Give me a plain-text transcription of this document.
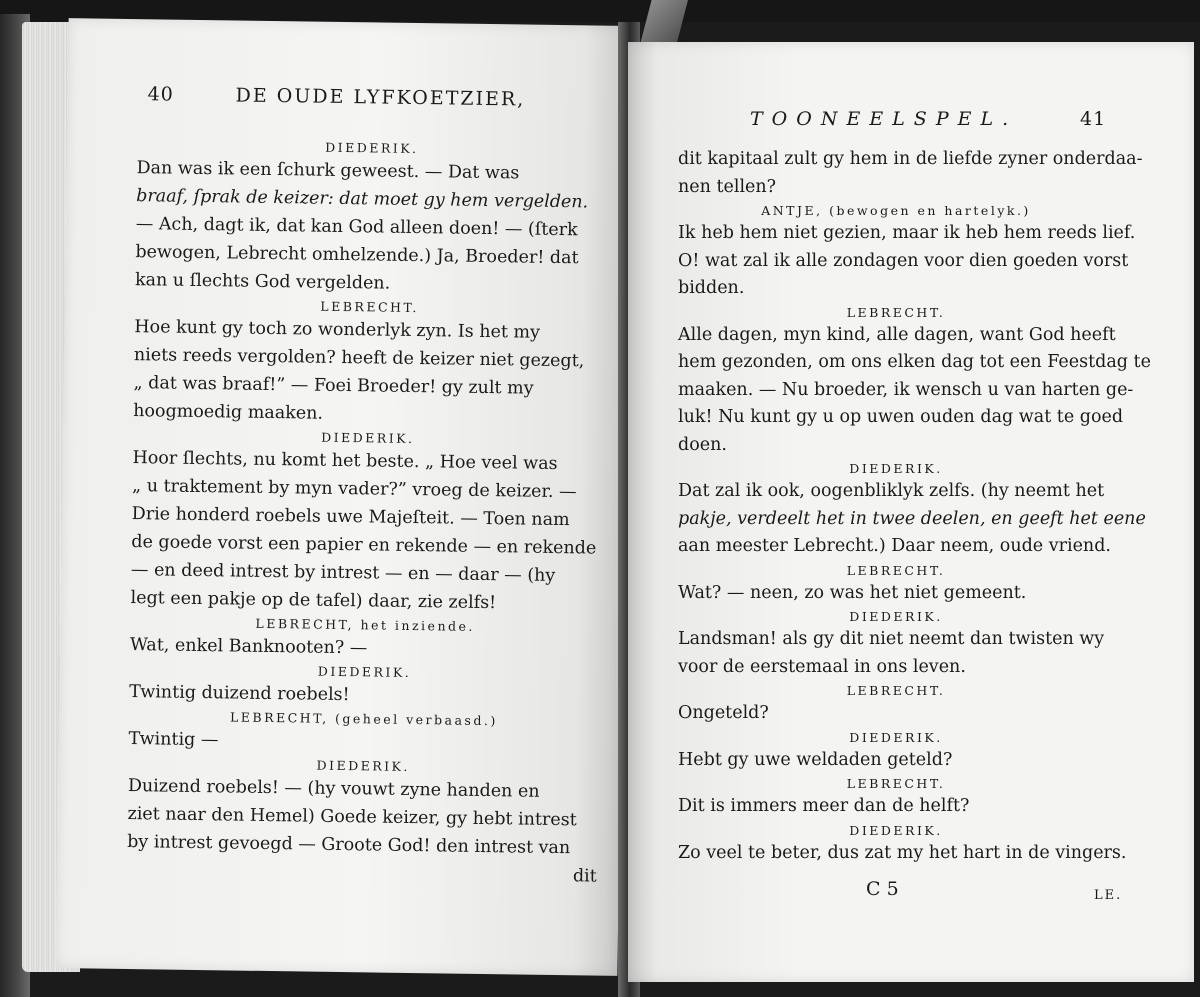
40	DE OUDE LYFKOETZIER,

DIEDERIK.

Dan was ik een ſchurk geweest. — Dat was

braaf, ſprak de keizer: dat moet gy hem vergelden.

— Ach, dagt ik, dat kan God alleen doen! — (ſterk

bewogen, Lebrecht omhelzende.) Ja, Broeder! dat

kan u ſlechts God vergelden.

LEBRECHT.

Hoe kunt gy toch zo wonderlyk zyn. Is het my

niets reeds vergolden? heeft de keizer niet gezegt,

„ dat was braaf!” — Foei Broeder! gy zult my

hoogmoedig maaken.

DIEDERIK.

Hoor ſlechts, nu komt het beste. „ Hoe veel was

„ u traktement by myn vader?” vroeg de keizer. —

Drie honderd roebels uwe Majeſteit. — Toen nam

de goede vorst een papier en rekende — en rekende

— en deed intrest by intrest — en — daar — (hy

legt een pakje op de tafel) daar, zie zelfs!

LEBRECHT, het inziende.

Wat, enkel Banknooten? —

DIEDERIK.

Twintig duizend roebels!

LEBRECHT, (geheel verbaasd.)

Twintig —

DIEDERIK.

Duizend roebels! — (hy vouwt zyne handen en

ziet naar den Hemel) Goede keizer, gy hebt intrest

by intrest gevoegd — Groote God! den intrest van

dit

TOONEELSPEL.	41

dit kapitaal zult gy hem in de liefde zyner onderdaa-

nen tellen?

ANTJE, (bewogen en hartelyk.)

Ik heb hem niet gezien, maar ik heb hem reeds lief.

O! wat zal ik alle zondagen voor dien goeden vorst

bidden.

LEBRECHT.

Alle dagen, myn kind, alle dagen, want God heeft

hem gezonden, om ons elken dag tot een Feestdag te

maaken. — Nu broeder, ik wensch u van harten ge-

luk! Nu kunt gy u op uwen ouden dag wat te goed

doen.

DIEDERIK.

Dat zal ik ook, oogenbliklyk zelfs. (hy neemt het

pakje, verdeelt het in twee deelen, en geeft het eene

aan meester Lebrecht.) Daar neem, oude vriend.

LEBRECHT.

Wat? — neen, zo was het niet gemeent.

DIEDERIK.

Landsman! als gy dit niet neemt dan twisten wy

voor de eerstemaal in ons leven.

LEBRECHT.

Ongeteld?

DIEDERIK.

Hebt gy uwe weldaden geteld?

LEBRECHT.

Dit is immers meer dan de helft?

DIEDERIK.

Zo veel te beter, dus zat my het hart in de vingers.

C 5	LE.
